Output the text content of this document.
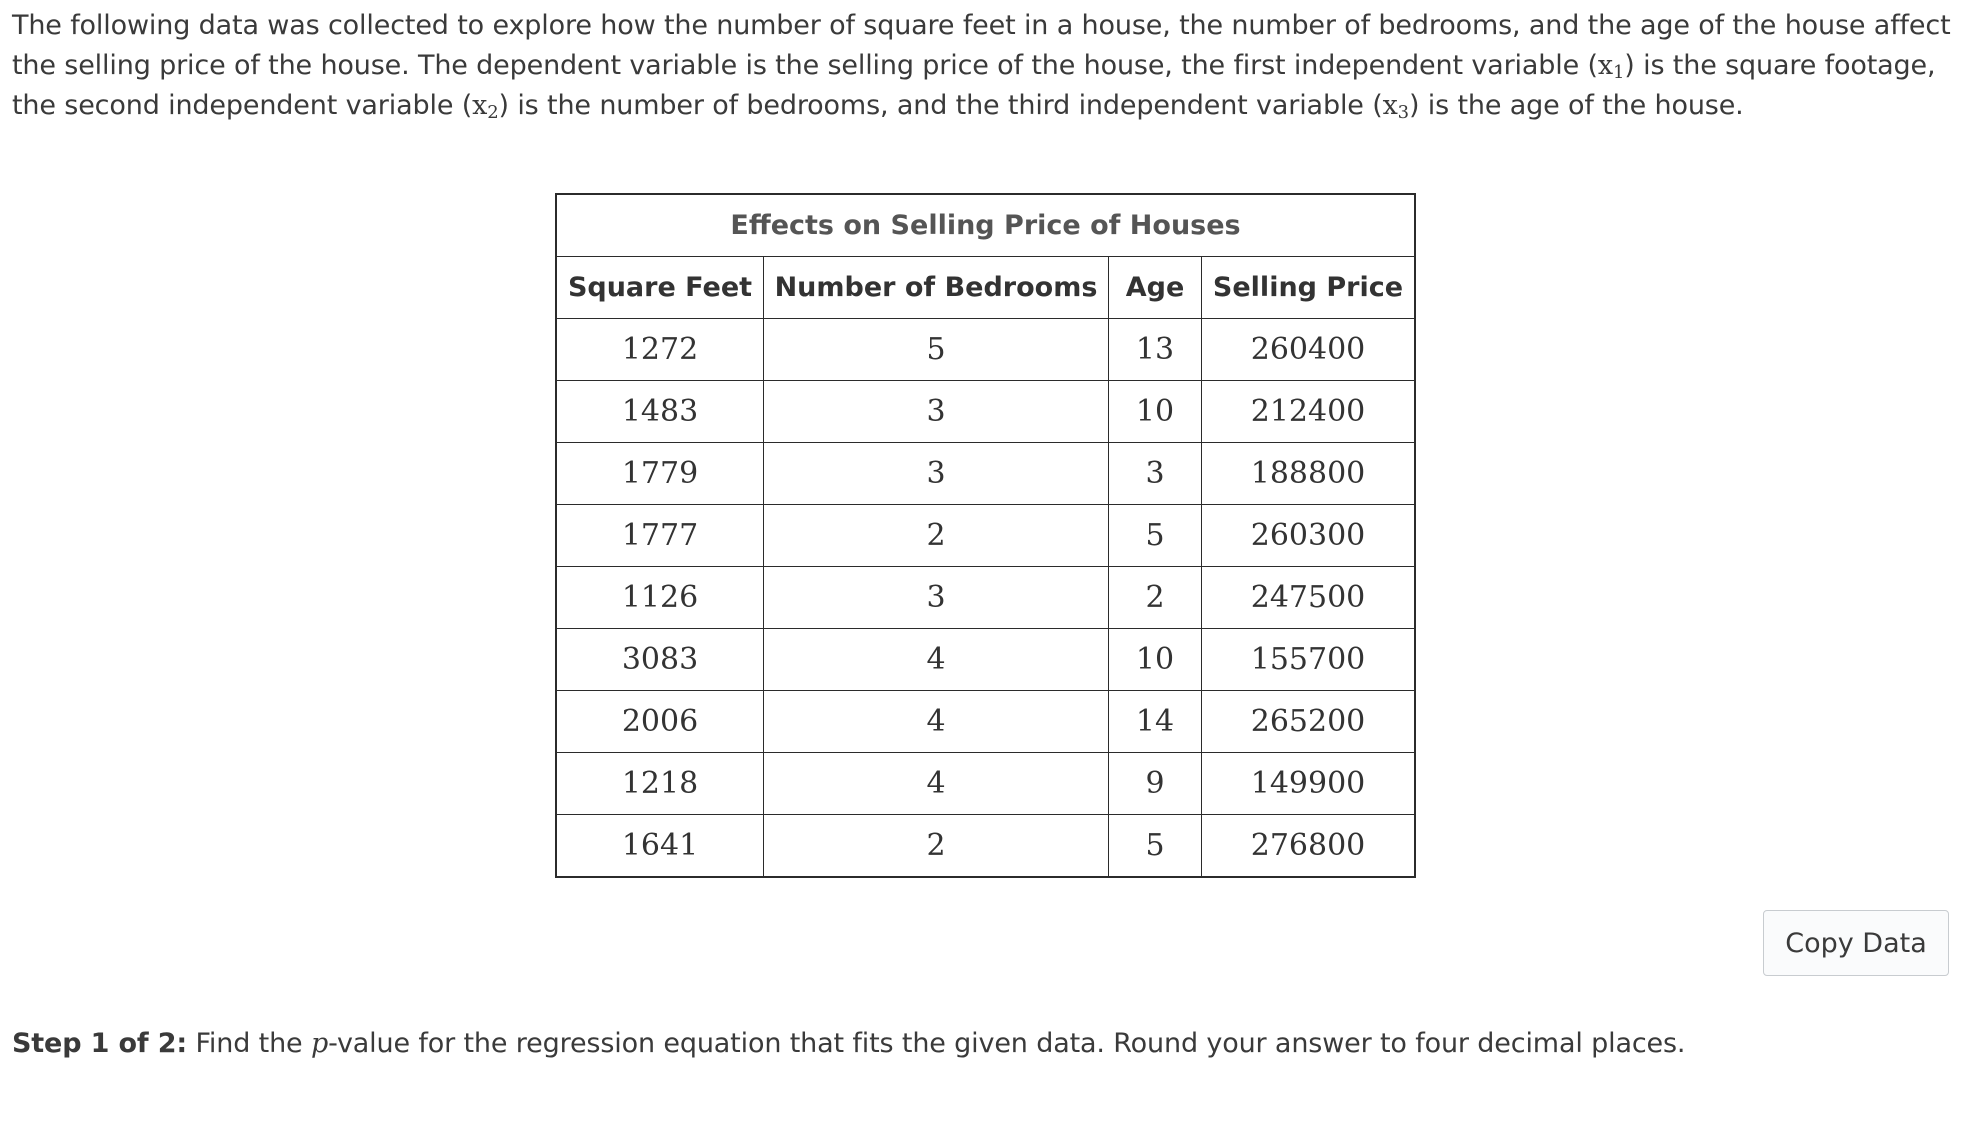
The following data was collected to explore how the number of square feet in a house, the number of bedrooms, and the age of the house affect the selling price of the house. The dependent variable is the selling price of the house, the first independent variable $(x_1)$ is the square footage, the second independent variable $(x_2)$ is the number of bedrooms, and the third independent variable $(x_3)$ is the age of the house.

Effects on Selling Price of Houses			
Square Feet	Number of Bedrooms	Age	Selling Price
1272	5	13	260400
1483	3	10	212400
1779	3	3	188800
1777	2	5	260300
1126	3	2	247500
3083	4	10	155700
2006	4	14	265200
1218	4	9	149900
1641	2	5	276800
Copy Data

Step 1 of 2: Find the p-value for the regression equation that fits the given data. Round your answer to four decimal places.
